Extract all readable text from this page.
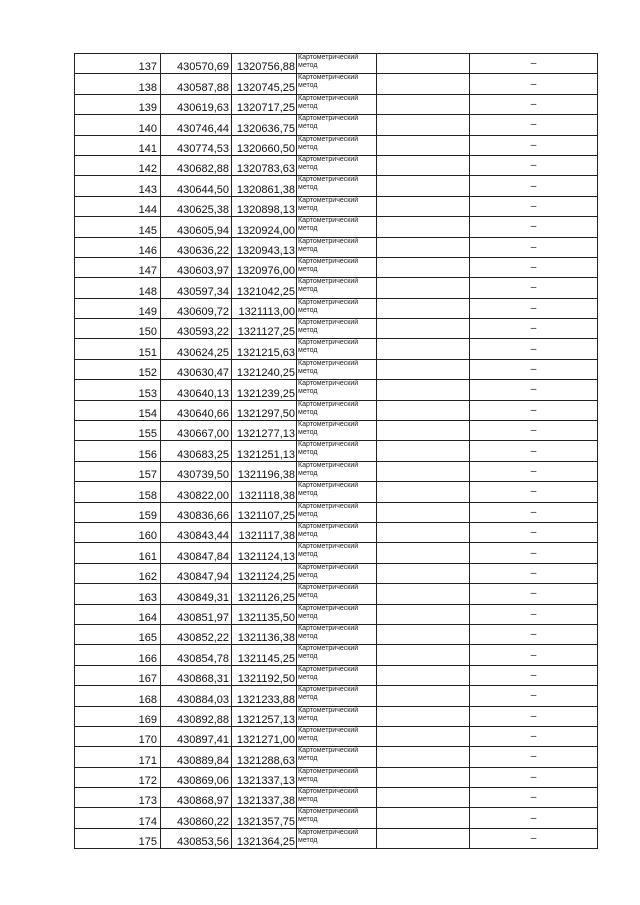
137	430570,69	1320756,88	Картометрический метод		–
138	430587,88	1320745,25	Картометрический метод		–
139	430619,63	1320717,25	Картометрический метод		–
140	430746,44	1320636,75	Картометрический метод		–
141	430774,53	1320660,50	Картометрический метод		–
142	430682,88	1320783,63	Картометрический метод		–
143	430644,50	1320861,38	Картометрический метод		–
144	430625,38	1320898,13	Картометрический метод		–
145	430605,94	1320924,00	Картометрический метод		–
146	430636,22	1320943,13	Картометрический метод		–
147	430603,97	1320976,00	Картометрический метод		–
148	430597,34	1321042,25	Картометрический метод		–
149	430609,72	1321113,00	Картометрический метод		–
150	430593,22	1321127,25	Картометрический метод		–
151	430624,25	1321215,63	Картометрический метод		–
152	430630,47	1321240,25	Картометрический метод		–
153	430640,13	1321239,25	Картометрический метод		–
154	430640,66	1321297,50	Картометрический метод		–
155	430667,00	1321277,13	Картометрический метод		–
156	430683,25	1321251,13	Картометрический метод		–
157	430739,50	1321196,38	Картометрический метод		–
158	430822,00	1321118,38	Картометрический метод		–
159	430836,66	1321107,25	Картометрический метод		–
160	430843,44	1321117,38	Картометрический метод		–
161	430847,84	1321124,13	Картометрический метод		–
162	430847,94	1321124,25	Картометрический метод		–
163	430849,31	1321126,25	Картометрический метод		–
164	430851,97	1321135,50	Картометрический метод		–
165	430852,22	1321136,38	Картометрический метод		–
166	430854,78	1321145,25	Картометрический метод		–
167	430868,31	1321192,50	Картометрический метод		–
168	430884,03	1321233,88	Картометрический метод		–
169	430892,88	1321257,13	Картометрический метод		–
170	430897,41	1321271,00	Картометрический метод		–
171	430889,84	1321288,63	Картометрический метод		–
172	430869,06	1321337,13	Картометрический метод		–
173	430868,97	1321337,38	Картометрический метод		–
174	430860,22	1321357,75	Картометрический метод		–
175	430853,56	1321364,25	Картометрический метод		–
